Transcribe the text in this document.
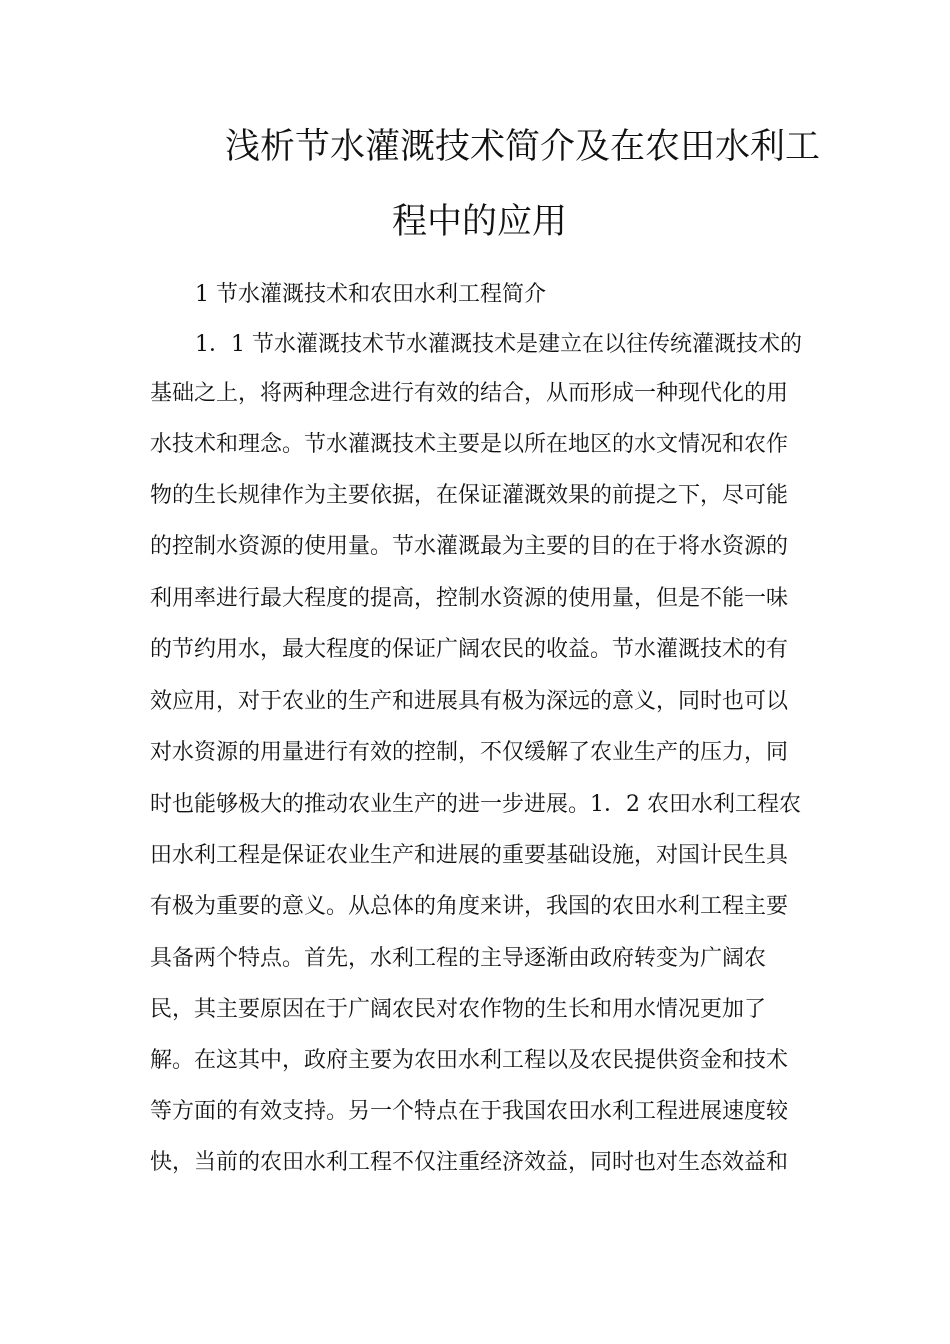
浅析节水灌溉技术简介及在农田水利工
程中的应用
1 节水灌溉技术和农田水利工程简介
1．1 节水灌溉技术节水灌溉技术是建立在以往传统灌溉技术的
基础之上，将两种理念进行有效的结合，从而形成一种现代化的用
水技术和理念。节水灌溉技术主要是以所在地区的水文情况和农作
物的生长规律作为主要依据，在保证灌溉效果的前提之下，尽可能
的控制水资源的使用量。节水灌溉最为主要的目的在于将水资源的
利用率进行最大程度的提高，控制水资源的使用量，但是不能一味
的节约用水，最大程度的保证广阔农民的收益。节水灌溉技术的有
效应用，对于农业的生产和进展具有极为深远的意义，同时也可以
对水资源的用量进行有效的控制，不仅缓解了农业生产的压力，同
时也能够极大的推动农业生产的进一步进展。1．2 农田水利工程农
田水利工程是保证农业生产和进展的重要基础设施，对国计民生具
有极为重要的意义。从总体的角度来讲，我国的农田水利工程主要
具备两个特点。首先，水利工程的主导逐渐由政府转变为广阔农
民，其主要原因在于广阔农民对农作物的生长和用水情况更加了
解。在这其中，政府主要为农田水利工程以及农民提供资金和技术
等方面的有效支持。另一个特点在于我国农田水利工程进展速度较
快，当前的农田水利工程不仅注重经济效益，同时也对生态效益和
